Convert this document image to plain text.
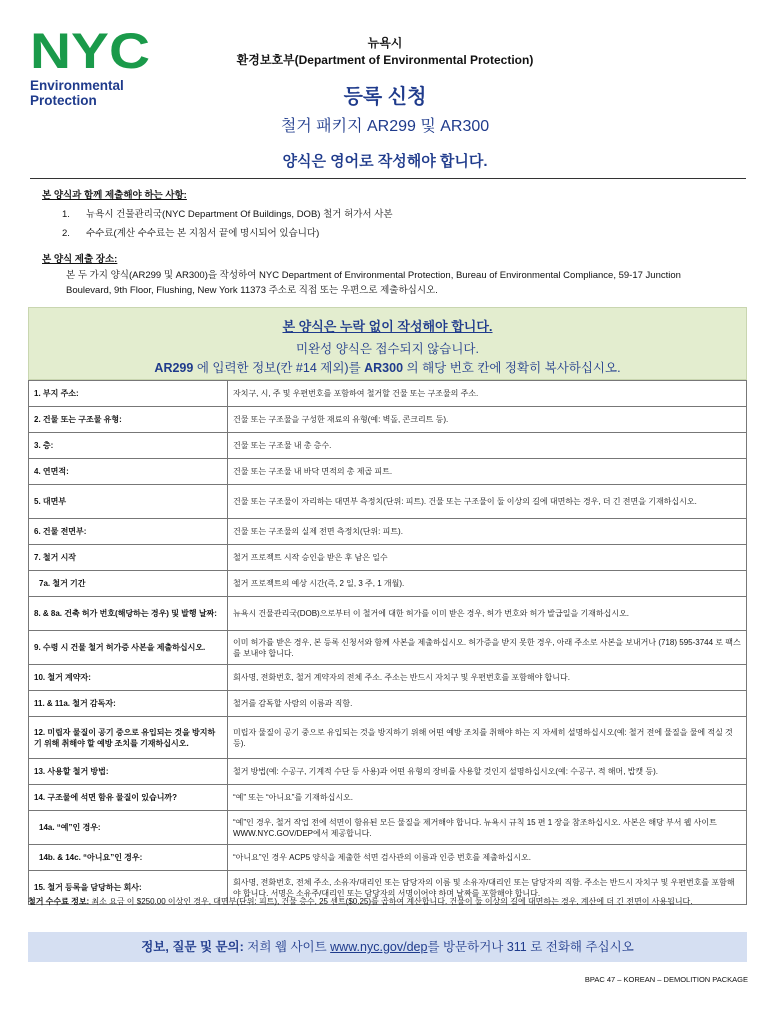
NYC
Environmental
Protection
뉴욕시
환경보호부(Department of Environmental Protection)
등록 신청
철거 패키지 AR299 및 AR300
양식은 영어로 작성해야 합니다.
본 양식과 함께 제출해야 하는 사항:
1. 뉴욕시 건물관리국(NYC Department Of Buildings, DOB) 철거 허가서 사본
2. 수수료(계산 수수료는 본 지침서 끝에 명시되어 있습니다)
본 양식 제출 장소:
본 두 가지 양식(AR299 및 AR300)을 작성하여 NYC Department of Environmental Protection, Bureau of Environmental Compliance, 59-17 Junction Boulevard, 9th Floor, Flushing, New York 11373 주소로 직접 또는 우편으로 제출하십시오.
본 양식은 누락 없이 작성해야 합니다.
미완성 양식은 접수되지 않습니다.
AR299 에 입력한 정보(칸 #14 제외)를 AR300 의 해당 번호 칸에 정확히 복사하십시오.
1. 부지 주소:	자치구, 시, 주 및 우편번호를 포함하여 철거할 건물 또는 구조물의 주소.
2. 건물 또는 구조물 유형:	건물 또는 구조물을 구성한 재료의 유형(예: 벽돌, 콘크리트 등).
3. 층:	건물 또는 구조물 내 총 층수.
4. 연면적:	건물 또는 구조물 내 바닥 면적의 총 제곱 피트.
5. 대면부	건물 또는 구조물이 자리하는 대면부 측정치(단위: 피트). 건물 또는 구조물이 둘 이상의 길에 대면하는 경우, 더 긴 전면을 기재하십시오.
6. 건물 전면부:	건물 또는 구조물의 실제 전면 측정치(단위: 피트).
7. 철거 시작	철거 프로젝트 시작 승인을 받은 후 남은 일수
7a. 철거 기간	철거 프로젝트의 예상 시간(즉, 2 일, 3 주, 1 개월).
8. & 8a. 건축 허가 번호(해당하는 경우) 및 발행 날짜:	뉴욕시 건물관리국(DOB)으로부터 이 철거에 대한 허가를 이미 받은 경우, 허가 번호와 허가 발급일을 기재하십시오.
9. 수령 시 건물 철거 허가증 사본을 제출하십시오.	이미 허가를 받은 경우, 본 등록 신청서와 함께 사본을 제출하십시오. 허가증을 받지 못한 경우, 아래 주소로 사본을 보내거나 (718) 595-3744 로 팩스를 보내야 합니다.
10. 철거 계약자:	회사명, 전화번호, 철거 계약자의 전체 주소. 주소는 반드시 자치구 및 우편번호를 포함해야 합니다.
11. & 11a. 철거 감독자:	철거를 감독할 사람의 이름과 직함.
12. 미립자 물질이 공기 중으로 유입되는 것을 방지하기 위해 취해야 할 예방 조치를 기재하십시오.	미립자 물질이 공기 중으로 유입되는 것을 방지하기 위해 어떤 예방 조치를 취해야 하는 지 자세히 설명하십시오(예: 철거 전에 물질을 물에 적실 것 등).
13. 사용할 철거 방법:	철거 방법(예: 수공구, 기계적 수단 등 사용)과 어떤 유형의 장비를 사용할 것인지 설명하십시오(예: 수공구, 적 해머, 밥캣 등).
14. 구조물에 석면 함유 물질이 있습니까?	“예” 또는 “아니요”를 기재하십시오.
14a. “예”인 경우:	“예”인 경우, 철거 작업 전에 석면이 함유된 모든 물질을 제거해야 합니다. 뉴욕시 규칙 15 편 1 장을 참조하십시오. 사본은 해당 부서 웹 사이트 WWW.NYC.GOV/DEP에서 제공합니다.
14b. & 14c. “아니요”인 경우:	“아니요”인 경우 ACP5 양식을 제출한 석면 검사관의 이름과 인증 번호를 제출하십시오.
15. 철거 등록을 담당하는 회사:	회사명, 전화번호, 전체 주소, 소유자/대리인 또는 담당자의 이름 및 소유자/대리인 또는 담당자의 직함. 주소는 반드시 자치구 및 우편번호를 포함해야 합니다. 서명은 소유주/대리인 또는 담당자의 서명이어야 하며 날짜를 포함해야 합니다.
철거 수수료 정보: 최소 요금 이 $250.00 이상인 경우, 대면부(단위: 피트), 건물 층수, 25 센트($0.25)를 곱하여 계산합니다. 건물이 둘 이상의 길에 대면하는 경우, 계산에 더 긴 전면이 사용됩니다.
정보, 질문 및 문의: 저희 웹 사이트 www.nyc.gov/dep를 방문하거나 311 로 전화해 주십시오
BPAC 47 – KOREAN – DEMOLITION PACKAGE
